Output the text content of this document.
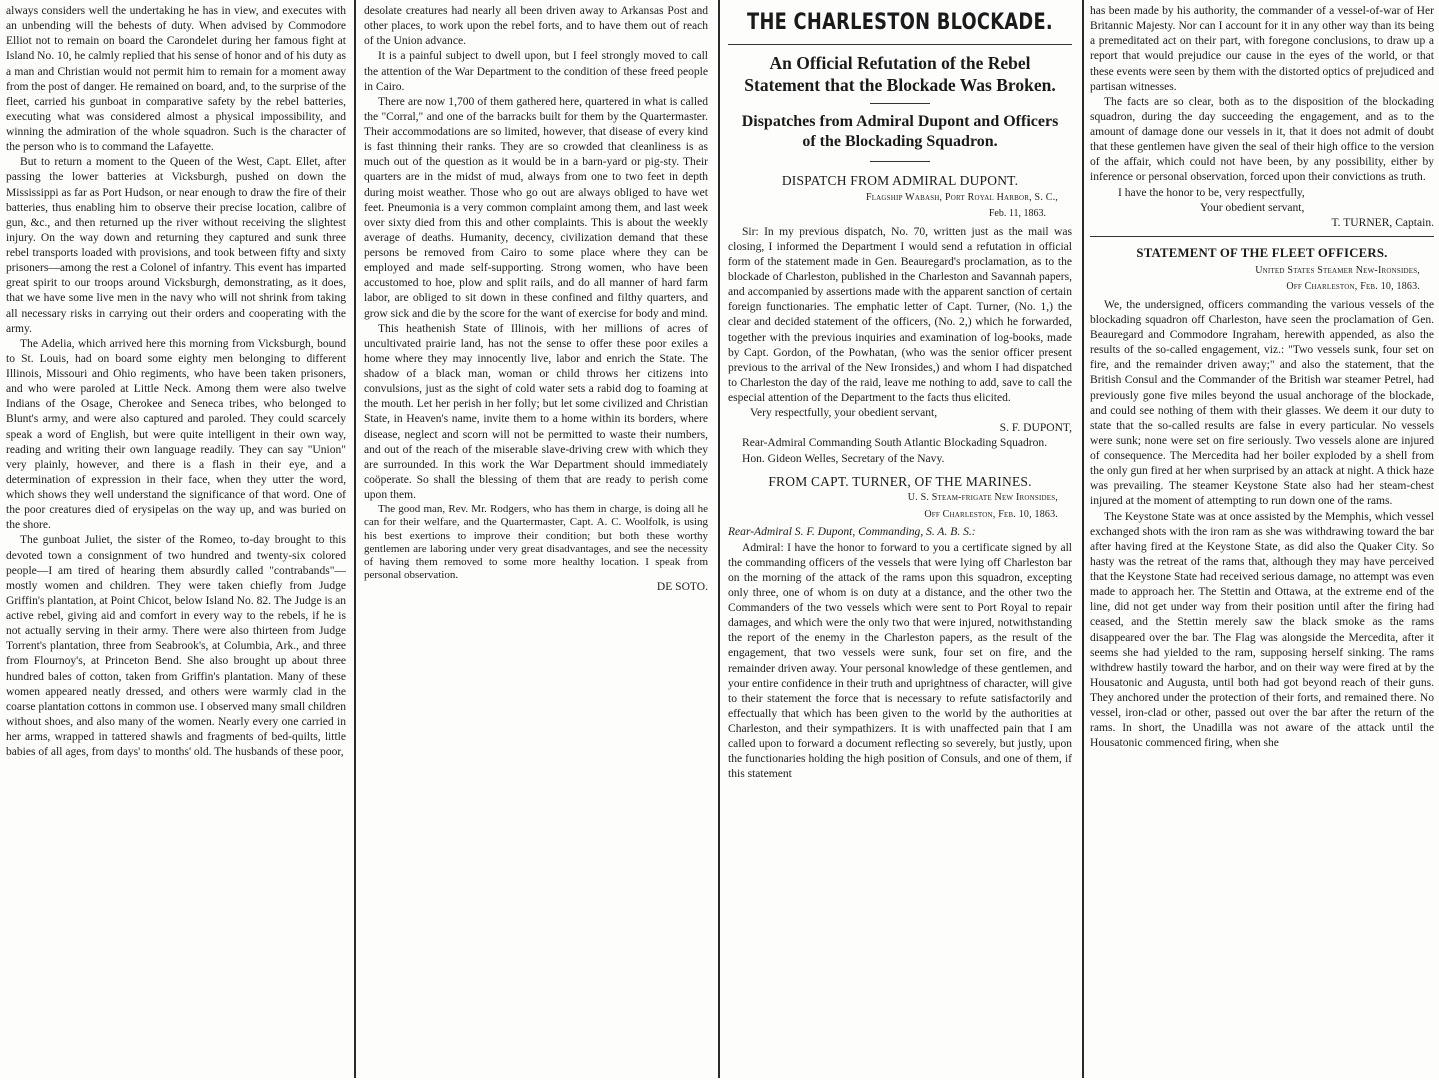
always considers well the undertaking he has in view, and executes with an unbending will the behests of duty. When advised by Commodore Elliot not to remain on board the Carondelet during her famous fight at Island No. 10, he calmly replied that his sense of honor and of his duty as a man and Christian would not permit him to remain for a moment away from the post of danger. He remained on board, and, to the surprise of the fleet, carried his gunboat in comparative safety by the rebel batteries, executing what was considered almost a physical impossibility, and winning the admiration of the whole squadron. Such is the character of the person who is to command the Lafayette.

But to return a moment to the Queen of the West, Capt. Ellet, after passing the lower batteries at Vicksburgh, pushed on down the Mississippi as far as Port Hudson, or near enough to draw the fire of their batteries, thus enabling him to observe their precise location, calibre of gun, &c., and then returned up the river without receiving the slightest injury. On the way down and returning they captured and sunk three rebel transports loaded with provisions, and took between fifty and sixty prisoners—among the rest a Colonel of infantry. This event has imparted great spirit to our troops around Vicksburgh, demonstrating, as it does, that we have some live men in the navy who will not shrink from taking all necessary risks in carrying out their orders and cooperating with the army.

The Adelia, which arrived here this morning from Vicksburgh, bound to St. Louis, had on board some eighty men belonging to different Illinois, Missouri and Ohio regiments, who have been taken prisoners, and who were paroled at Little Neck. Among them were also twelve Indians of the Osage, Cherokee and Seneca tribes, who belonged to Blunt's army, and were also captured and paroled. They could scarcely speak a word of English, but were quite intelligent in their own way, reading and writing their own language readily. They can say "Union" very plainly, however, and there is a flash in their eye, and a determination of expression in their face, when they utter the word, which shows they well understand the significance of that word. One of the poor creatures died of erysipelas on the way up, and was buried on the shore.

The gunboat Juliet, the sister of the Romeo, to-day brought to this devoted town a consignment of two hundred and twenty-six colored people—I am tired of hearing them absurdly called "contrabands"—mostly women and children. They were taken chiefly from Judge Griffin's plantation, at Point Chicot, below Island No. 82. The Judge is an active rebel, giving aid and comfort in every way to the rebels, if he is not actually serving in their army. There were also thirteen from Judge Torrent's plantation, three from Seabrook's, at Columbia, Ark., and three from Flournoy's, at Princeton Bend. She also brought up about three hundred bales of cotton, taken from Griffin's plantation. Many of these women appeared neatly dressed, and others were warmly clad in the coarse plantation cottons in common use. I observed many small children without shoes, and also many of the women. Nearly every one carried in her arms, wrapped in tattered shawls and fragments of bed-quilts, little babies of all ages, from days' to months' old. The husbands of these poor,

desolate creatures had nearly all been driven away to Arkansas Post and other places, to work upon the rebel forts, and to have them out of reach of the Union advance.

It is a painful subject to dwell upon, but I feel strongly moved to call the attention of the War Department to the condition of these freed people in Cairo.

There are now 1,700 of them gathered here, quartered in what is called the "Corral," and one of the barracks built for them by the Quartermaster. Their accommodations are so limited, however, that disease of every kind is fast thinning their ranks. They are so crowded that cleanliness is as much out of the question as it would be in a barn-yard or pig-sty. Their quarters are in the midst of mud, always from one to two feet in depth during moist weather. Those who go out are always obliged to have wet feet. Pneumonia is a very common complaint among them, and last week over sixty died from this and other complaints. This is about the weekly average of deaths. Humanity, decency, civilization demand that these persons be removed from Cairo to some place where they can be employed and made self-supporting. Strong women, who have been accustomed to hoe, plow and split rails, and do all manner of hard farm labor, are obliged to sit down in these confined and filthy quarters, and grow sick and die by the score for the want of exercise for body and mind.

This heathenish State of Illinois, with her millions of acres of uncultivated prairie land, has not the sense to offer these poor exiles a home where they may innocently live, labor and enrich the State. The shadow of a black man, woman or child throws her citizens into convulsions, just as the sight of cold water sets a rabid dog to foaming at the mouth. Let her perish in her folly; but let some civilized and Christian State, in Heaven's name, invite them to a home within its borders, where disease, neglect and scorn will not be permitted to waste their numbers, and out of the reach of the miserable slave-driving crew with which they are surrounded. In this work the War Department should immediately coöperate. So shall the blessing of them that are ready to perish come upon them.

The good man, Rev. Mr. Rodgers, who has them in charge, is doing all he can for their welfare, and the Quartermaster, Capt. A. C. Woolfolk, is using his best exertions to improve their condition; but both these worthy gentlemen are laboring under very great disadvantages, and see the necessity of having them removed to some more healthy location. I speak from personal observation.

DE SOTO.

THE CHARLESTON BLOCKADE.
An Official Refutation of the Rebel Statement that the Blockade Was Broken.
Dispatches from Admiral Dupont and Officers of the Blockading Squadron.
DISPATCH FROM ADMIRAL DUPONT.
Flagship Wabash, Port Royal Harbor, S. C.,
Feb. 11, 1863.

Sir: In my previous dispatch, No. 70, written just as the mail was closing, I informed the Department I would send a refutation in official form of the statement made in Gen. Beauregard's proclamation, as to the blockade of Charleston, published in the Charleston and Savannah papers, and accompanied by assertions made with the apparent sanction of certain foreign functionaries. The emphatic letter of Capt. Turner, (No. 1,) the clear and decided statement of the officers, (No. 2,) which he forwarded, together with the previous inquiries and examination of log-books, made by Capt. Gordon, of the Powhatan, (who was the senior officer present previous to the arrival of the New Ironsides,) and whom I had dispatched to Charleston the day of the raid, leave me nothing to add, save to call the especial attention of the Department to the facts thus elicited.

Very respectfully, your obedient servant,

S. F. DUPONT,

Rear-Admiral Commanding South Atlantic Blockading Squadron.

Hon. Gideon Welles, Secretary of the Navy.

FROM CAPT. TURNER, OF THE MARINES.
U. S. Steam-frigate New Ironsides,
Off Charleston, Feb. 10, 1863.

Rear-Admiral S. F. Dupont, Commanding, S. A. B. S.:

Admiral: I have the honor to forward to you a certificate signed by all the commanding officers of the vessels that were lying off Charleston bar on the morning of the attack of the rams upon this squadron, excepting only three, one of whom is on duty at a distance, and the other two the Commanders of the two vessels which were sent to Port Royal to repair damages, and which were the only two that were injured, notwithstanding the report of the enemy in the Charleston papers, as the result of the engagement, that two vessels were sunk, four set on fire, and the remainder driven away. Your personal knowledge of these gentlemen, and your entire confidence in their truth and uprightness of character, will give to their statement the force that is necessary to refute satisfactorily and effectually that which has been given to the world by the authorities at Charleston, and their sympathizers. It is with unaffected pain that I am called upon to forward a document reflecting so severely, but justly, upon the functionaries holding the high position of Consuls, and one of them, if this statement

has been made by his authority, the commander of a vessel-of-war of Her Britannic Majesty. Nor can I account for it in any other way than its being a premeditated act on their part, with foregone conclusions, to draw up a report that would prejudice our cause in the eyes of the world, or that these events were seen by them with the distorted optics of prejudiced and partisan witnesses.

The facts are so clear, both as to the disposition of the blockading squadron, during the day succeeding the engagement, and as to the amount of damage done our vessels in it, that it does not admit of doubt that these gentlemen have given the seal of their high office to the version of the affair, which could not have been, by any possibility, either by inference or personal observation, forced upon their convictions as truth.

I have the honor to be, very respectfully,

Your obedient servant,

T. TURNER, Captain.

STATEMENT OF THE FLEET OFFICERS.
United States Steamer New-Ironsides,
Off Charleston, Feb. 10, 1863.

We, the undersigned, officers commanding the various vessels of the blockading squadron off Charleston, have seen the proclamation of Gen. Beauregard and Commodore Ingraham, herewith appended, as also the results of the so-called engagement, viz.: "Two vessels sunk, four set on fire, and the remainder driven away;" and also the statement, that the British Consul and the Commander of the British war steamer Petrel, had previously gone five miles beyond the usual anchorage of the blockade, and could see nothing of them with their glasses. We deem it our duty to state that the so-called results are false in every particular. No vessels were sunk; none were set on fire seriously. Two vessels alone are injured of consequence. The Mercedita had her boiler exploded by a shell from the only gun fired at her when surprised by an attack at night. A thick haze was prevailing. The steamer Keystone State also had her steam-chest injured at the moment of attempting to run down one of the rams.

The Keystone State was at once assisted by the Memphis, which vessel exchanged shots with the iron ram as she was withdrawing toward the bar after having fired at the Keystone State, as did also the Quaker City. So hasty was the retreat of the rams that, although they may have perceived that the Keystone State had received serious damage, no attempt was even made to approach her. The Stettin and Ottawa, at the extreme end of the line, did not get under way from their position until after the firing had ceased, and the Stettin merely saw the black smoke as the rams disappeared over the bar. The Flag was alongside the Mercedita, after it seems she had yielded to the ram, supposing herself sinking. The rams withdrew hastily toward the harbor, and on their way were fired at by the Housatonic and Augusta, until both had got beyond reach of their guns. They anchored under the protection of their forts, and remained there. No vessel, iron-clad or other, passed out over the bar after the return of the rams. In short, the Unadilla was not aware of the attack until the Housatonic commenced firing, when she
